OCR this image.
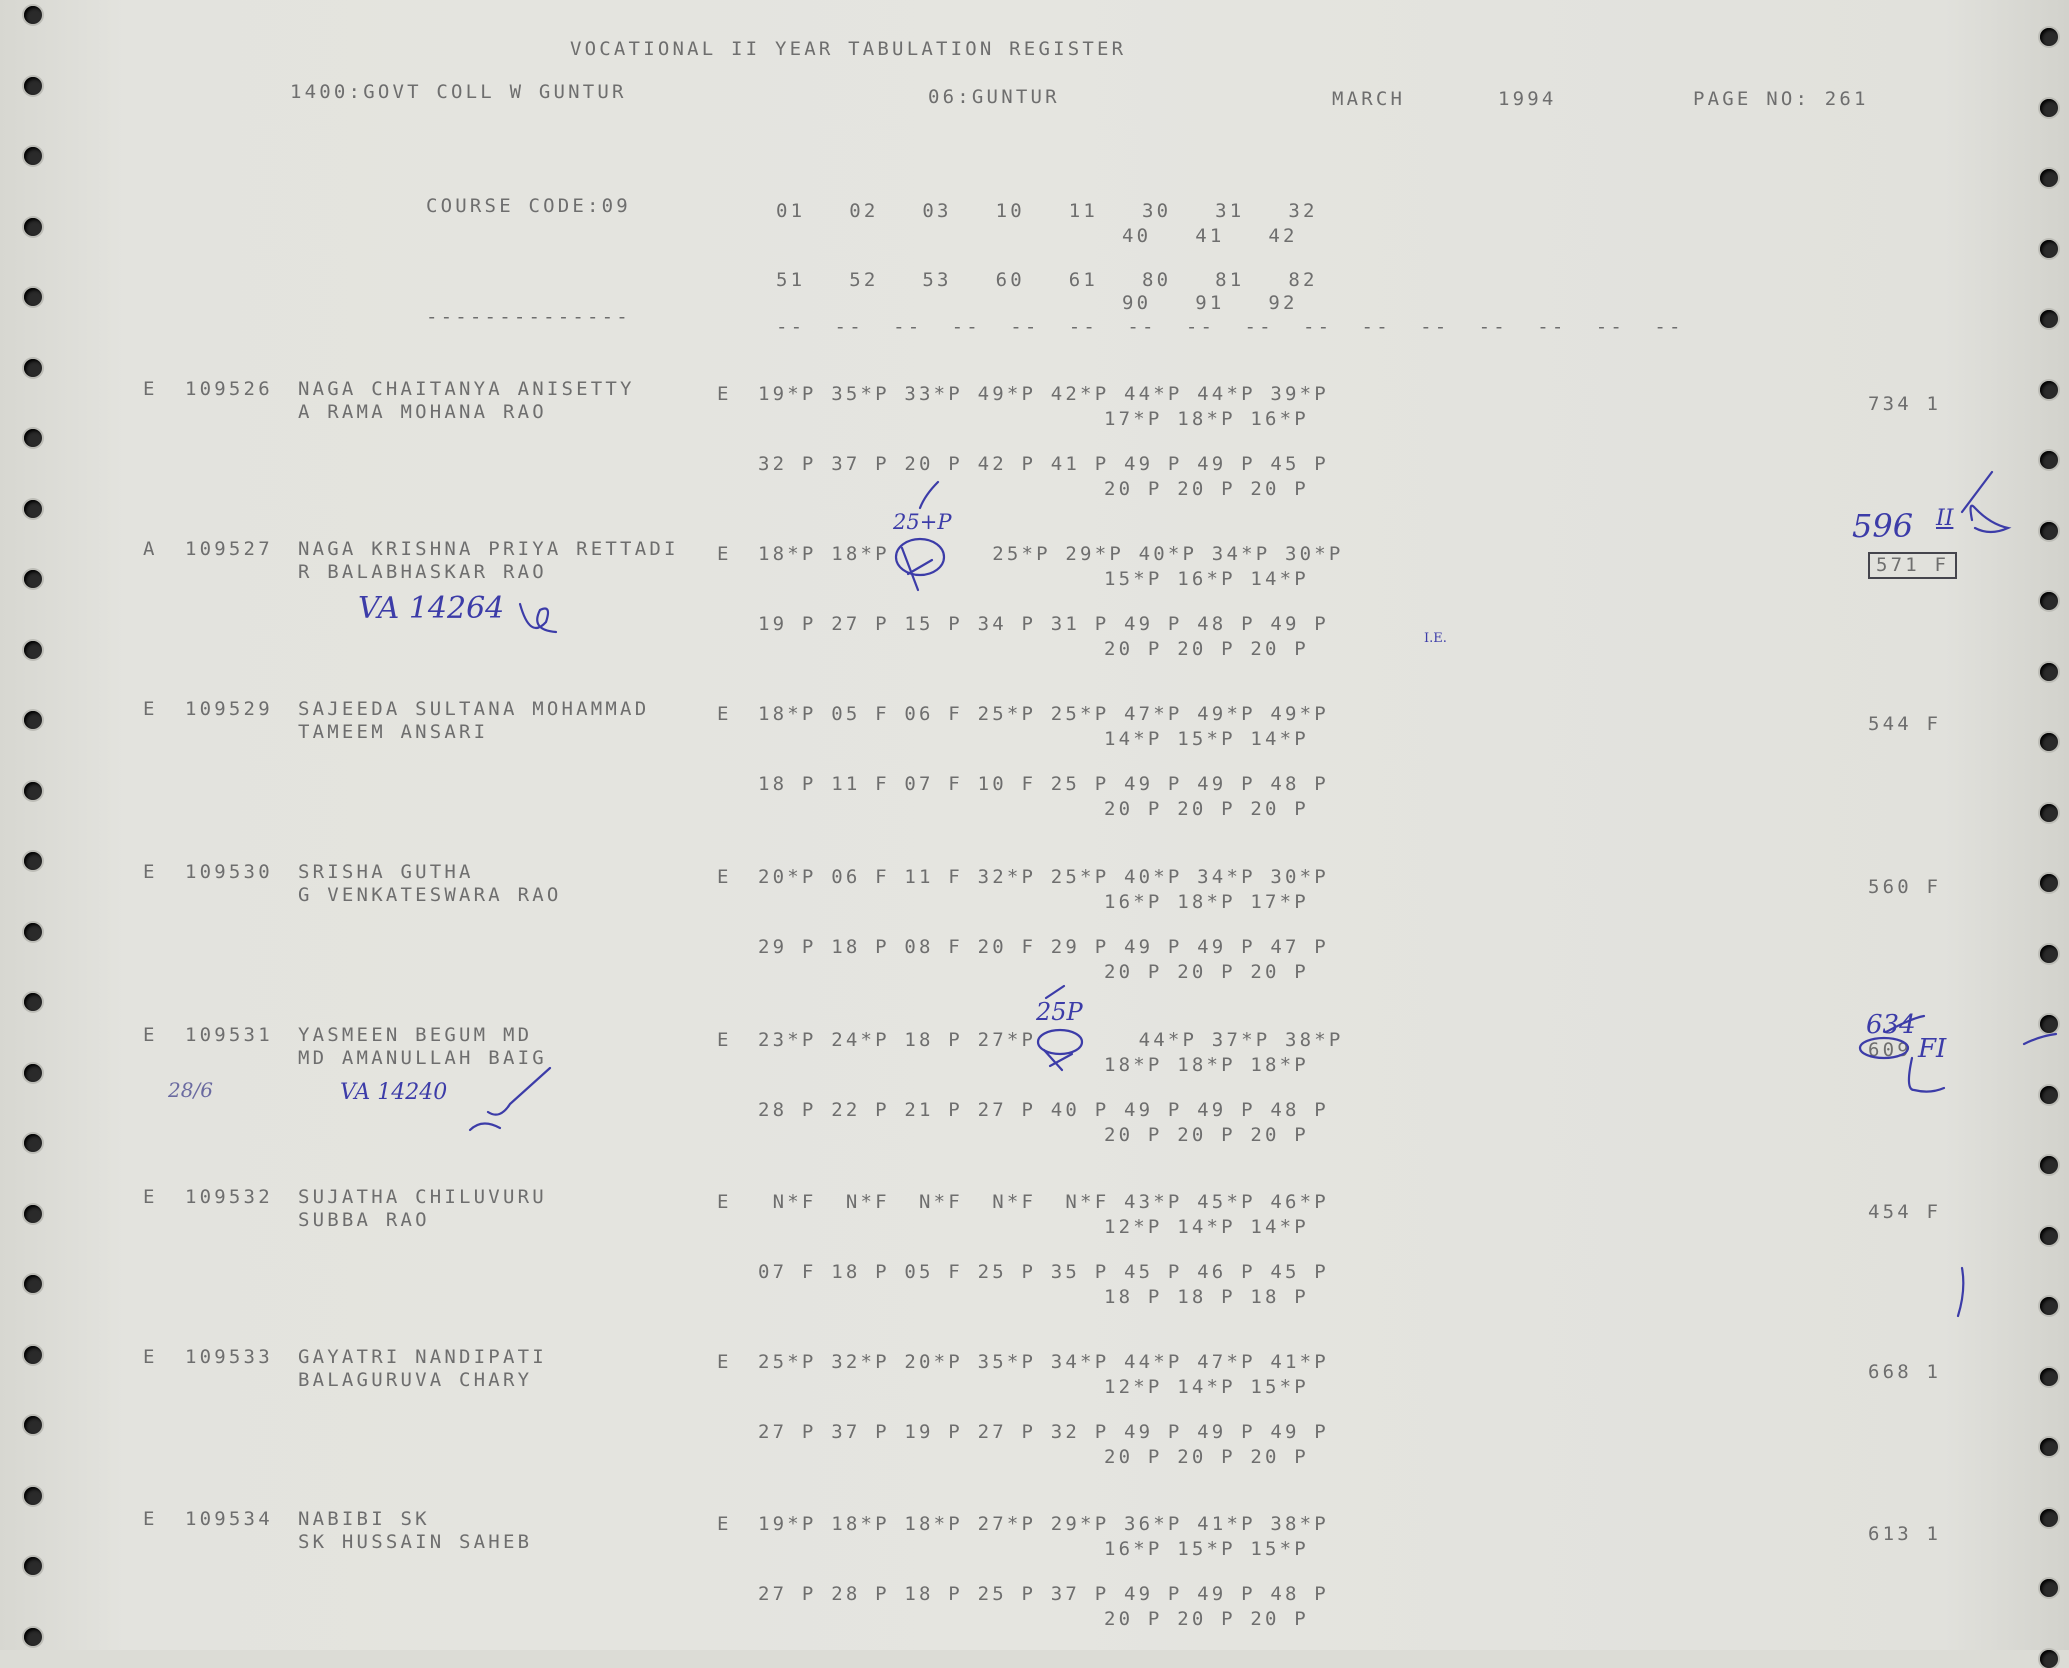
VOCATIONAL II YEAR TABULATION REGISTER
1400:GOVT COLL W GUNTUR	06:GUNTUR	MARCH	1994	PAGE NO: 261
COURSE CODE:09	01   02   03   10   11   30   31   32
40   41   42
51   52   53   60   61   80   81   82
90   91   92
--------------	--  --  --  --  --  --  --  --  --  --  --  --  --  --  --  --
E 109526 NAGA CHAITANYA ANISETTY
A RAMA MOHANA RAO
E 19*P 35*P 33*P 49*P 42*P 44*P 44*P 39*P
17*P 18*P 16*P
32 P 37 P 20 P 42 P 41 P 49 P 49 P 45 P
20 P 20 P 20 P
734 1
A 109527 NAGA KRISHNA PRIYA RETTADI
R BALABHASKAR RAO
E 18*P 18*P       25*P 29*P 40*P 34*P 30*P
15*P 16*P 14*P
19 P 27 P 15 P 34 P 31 P 49 P 48 P 49 P
20 P 20 P 20 P
571 F
E 109529 SAJEEDA SULTANA MOHAMMAD
TAMEEM ANSARI
E 18*P 05 F 06 F 25*P 25*P 47*P 49*P 49*P
14*P 15*P 14*P
18 P 11 F 07 F 10 F 25 P 49 P 49 P 48 P
20 P 20 P 20 P
544 F
E 109530 SRISHA GUTHA
G VENKATESWARA RAO
E 20*P 06 F 11 F 32*P 25*P 40*P 34*P 30*P
16*P 18*P 17*P
29 P 18 P 08 F 20 F 29 P 49 P 49 P 47 P
20 P 20 P 20 P
560 F
E 109531 YASMEEN BEGUM MD
MD AMANULLAH BAIG
E 23*P 24*P 18 P 27*P       44*P 37*P 38*P
18*P 18*P 18*P
28 P 22 P 21 P 27 P 40 P 49 P 49 P 48 P
20 P 20 P 20 P
609
E 109532 SUJATHA CHILUVURU
SUBBA RAO
E N*F  N*F  N*F  N*F  N*F 43*P 45*P 46*P
12*P 14*P 14*P
07 F 18 P 05 F 25 P 35 P 45 P 46 P 45 P
18 P 18 P 18 P
454 F
E 109533 GAYATRI NANDIPATI
BALAGURUVA CHARY
E 25*P 32*P 20*P 35*P 34*P 44*P 47*P 41*P
12*P 14*P 15*P
27 P 37 P 19 P 27 P 32 P 49 P 49 P 49 P
20 P 20 P 20 P
668 1
E 109534 NABIBI SK
SK HUSSAIN SAHEB
E 19*P 18*P 18*P 27*P 29*P 36*P 41*P 38*P
16*P 15*P 15*P
27 P 28 P 18 P 25 P 37 P 49 P 49 P 48 P
20 P 20 P 20 P
613 1
25+P	596 II
VA 14264
25P	634
FI
VA 14240
28/6
I.E.
